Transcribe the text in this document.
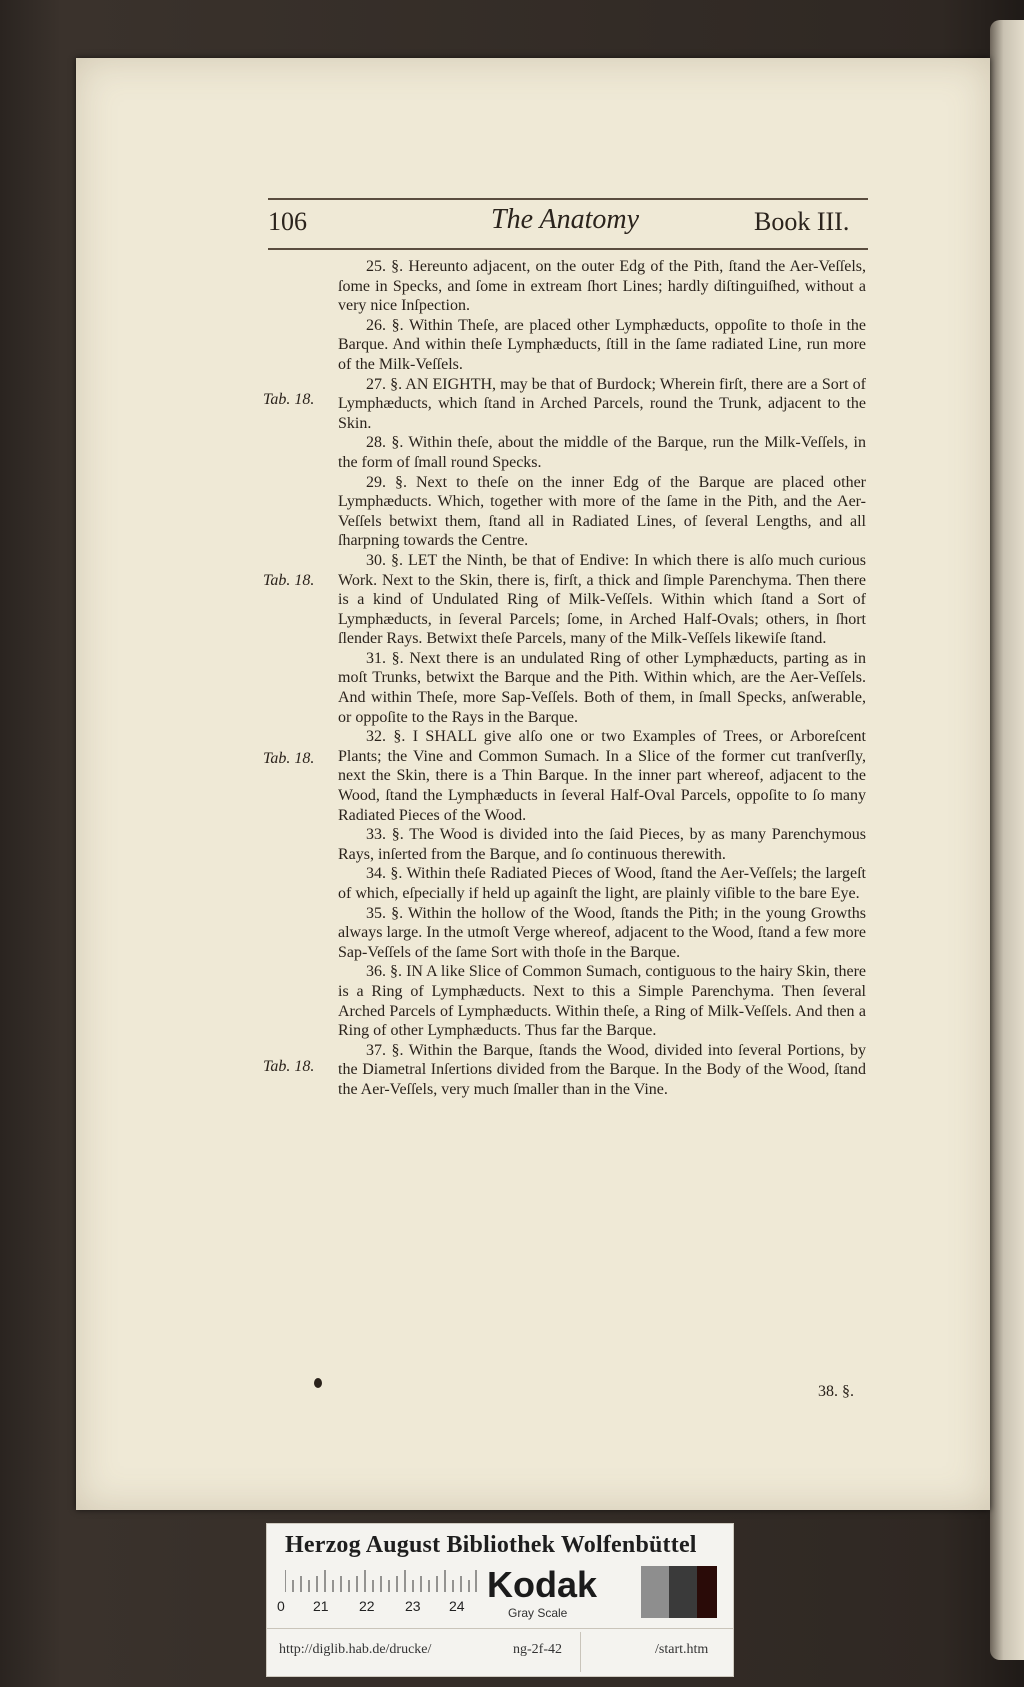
106	The Anatomy	Book III.
Tab. 18.
Tab. 18.
Tab. 18.
Tab. 18.

25. §. Hereunto adjacent, on the outer Edg of the Pith, ſtand the Aer-Veſſels, ſome in Specks, and ſome in extream ſhort Lines; hardly diſtinguiſhed, without a very nice Inſpection.

26. §. Within Theſe, are placed other Lymphæducts, oppoſite to thoſe in the Barque. And within theſe Lymphæducts, ſtill in the ſame radiated Line, run more of the Milk-Veſſels.

27. §. AN EIGHTH, may be that of Burdock; Wherein firſt, there are a Sort of Lymphæducts, which ſtand in Arched Parcels, round the Trunk, adjacent to the Skin.

28. §. Within theſe, about the middle of the Barque, run the Milk-Veſſels, in the form of ſmall round Specks.

29. §. Next to theſe on the inner Edg of the Barque are placed other Lymphæducts. Which, together with more of the ſame in the Pith, and the Aer-Veſſels betwixt them, ſtand all in Radiated Lines, of ſeveral Lengths, and all ſharpning towards the Centre.

30. §. LET the Ninth, be that of Endive: In which there is alſo much curious Work. Next to the Skin, there is, firſt, a thick and ſimple Parenchyma. Then there is a kind of Undulated Ring of Milk-Veſſels. Within which ſtand a Sort of Lymphæducts, in ſeveral Parcels; ſome, in Arched Half-Ovals; others, in ſhort ſlender Rays. Betwixt theſe Parcels, many of the Milk-Veſſels likewiſe ſtand.

31. §. Next there is an undulated Ring of other Lymphæducts, parting as in moſt Trunks, betwixt the Barque and the Pith. Within which, are the Aer-Veſſels. And within Theſe, more Sap-Veſſels. Both of them, in ſmall Specks, anſwerable, or oppoſite to the Rays in the Barque.

32. §. I SHALL give alſo one or two Examples of Trees, or Arboreſcent Plants; the Vine and Common Sumach. In a Slice of the former cut tranſverſly, next the Skin, there is a Thin Barque. In the inner part whereof, adjacent to the Wood, ſtand the Lymphæducts in ſeveral Half-Oval Parcels, oppoſite to ſo many Radiated Pieces of the Wood.

33. §. The Wood is divided into the ſaid Pieces, by as many Parenchymous Rays, inſerted from the Barque, and ſo continuous therewith.

34. §. Within theſe Radiated Pieces of Wood, ſtand the Aer-Veſſels; the largeſt of which, eſpecially if held up againſt the light, are plainly viſible to the bare Eye.

35. §. Within the hollow of the Wood, ſtands the Pith; in the young Growths always large. In the utmoſt Verge whereof, adjacent to the Wood, ſtand a few more Sap-Veſſels of the ſame Sort with thoſe in the Barque.

36. §. IN A like Slice of Common Sumach, contiguous to the hairy Skin, there is a Ring of Lymphæducts. Next to this a Simple Parenchyma. Then ſeveral Arched Parcels of Lymphæducts. Within theſe, a Ring of Milk-Veſſels. And then a Ring of other Lymphæducts. Thus far the Barque.

37. §. Within the Barque, ſtands the Wood, divided into ſeveral Portions, by the Diametral Inſertions divided from the Barque. In the Body of the Wood, ſtand the Aer-Veſſels, very much ſmaller than in the Vine.

38. §.
Herzog August Bibliothek Wolfenbüttel
0 21 22 23 24
Kodak
Gray Scale
http://diglib.hab.de/drucke/	ng-2f-42	/start.htm
